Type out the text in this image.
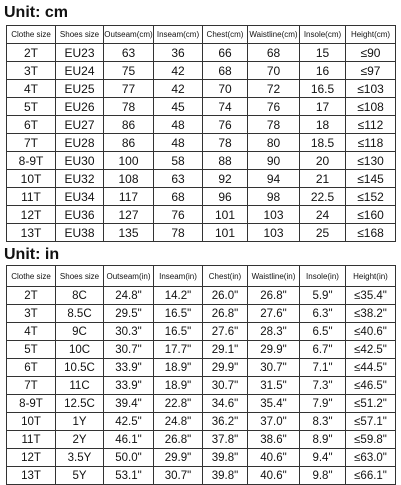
Unit: cm
Clothe size	Shoes size	Outseam(cm)	Inseam(cm)	Chest(cm)	Waistline(cm)	Insole(cm)	Height(cm)
2T	EU23	63	36	66	68	15	≤90
3T	EU24	75	42	68	70	16	≤97
4T	EU25	77	42	70	72	16.5	≤103
5T	EU26	78	45	74	76	17	≤108
6T	EU27	86	48	76	78	18	≤112
7T	EU28	86	48	78	80	18.5	≤118
8-9T	EU30	100	58	88	90	20	≤130
10T	EU32	108	63	92	94	21	≤145
11T	EU34	117	68	96	98	22.5	≤152
12T	EU36	127	76	101	103	24	≤160
13T	EU38	135	78	101	103	25	≤168
Unit: in
Clothe size	Shoes size	Outseam(in)	Inseam(in)	Chest(in)	Waistline(in)	Insole(in)	Height(in)
2T	8C	24.8"	14.2"	26.0"	26.8"	5.9"	≤35.4"
3T	8.5C	29.5"	16.5"	26.8"	27.6"	6.3"	≤38.2"
4T	9C	30.3"	16.5"	27.6"	28.3"	6.5"	≤40.6"
5T	10C	30.7"	17.7"	29.1"	29.9"	6.7"	≤42.5"
6T	10.5C	33.9"	18.9"	29.9"	30.7"	7.1"	≤44.5"
7T	11C	33.9"	18.9"	30.7"	31.5"	7.3"	≤46.5"
8-9T	12.5C	39.4"	22.8"	34.6"	35.4"	7.9"	≤51.2"
10T	1Y	42.5"	24.8"	36.2"	37.0"	8.3"	≤57.1"
11T	2Y	46.1"	26.8"	37.8"	38.6"	8.9"	≤59.8"
12T	3.5Y	50.0"	29.9"	39.8"	40.6"	9.4"	≤63.0"
13T	5Y	53.1"	30.7"	39.8"	40.6"	9.8"	≤66.1"
